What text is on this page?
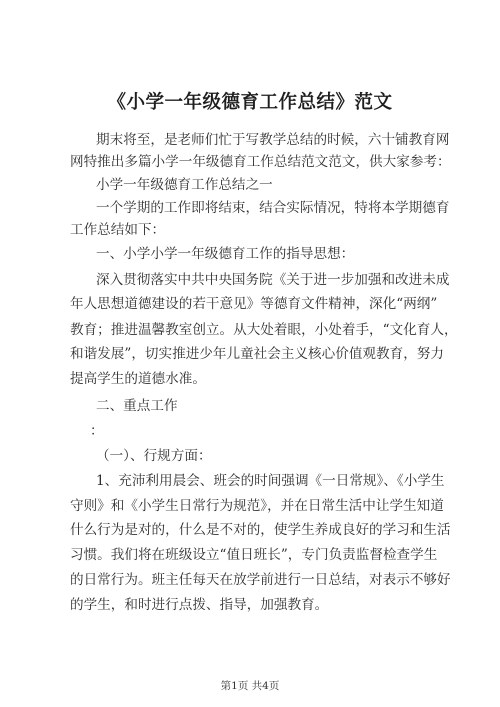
《小学一年级德育工作总结》范文
期末将至，是老师们忙于写教学总结的时候，六十铺教育网
网特推出多篇小学一年级德育工作总结范文范文，供大家参考：
小学一年级德育工作总结之一
一个学期的工作即将结束，结合实际情况，特将本学期德育
工作总结如下：
一、小学小学一年级德育工作的指导思想：
深入贯彻落实中共中央国务院《关于进一步加强和改进未成
年人思想道德建设的若干意见》等德育文件精神，深化“两纲”
教育；推进温馨教室创立。从大处着眼，小处着手，“文化育人，
和谐发展”，切实推进少年儿童社会主义核心价值观教育，努力
提高学生的道德水准。
二、重点工作
：
（一）、行规方面：
1、充沛利用晨会、班会的时间强调《一日常规》、《小学生
守则》和《小学生日常行为规范》，并在日常生活中让学生知道
什么行为是对的，什么是不对的，使学生养成良好的学习和生活
习惯。我们将在班级设立“值日班长”，专门负责监督检查学生
的日常行为。班主任每天在放学前进行一日总结，对表示不够好
的学生，和时进行点拨、指导，加强教育。
第1页 共4页
